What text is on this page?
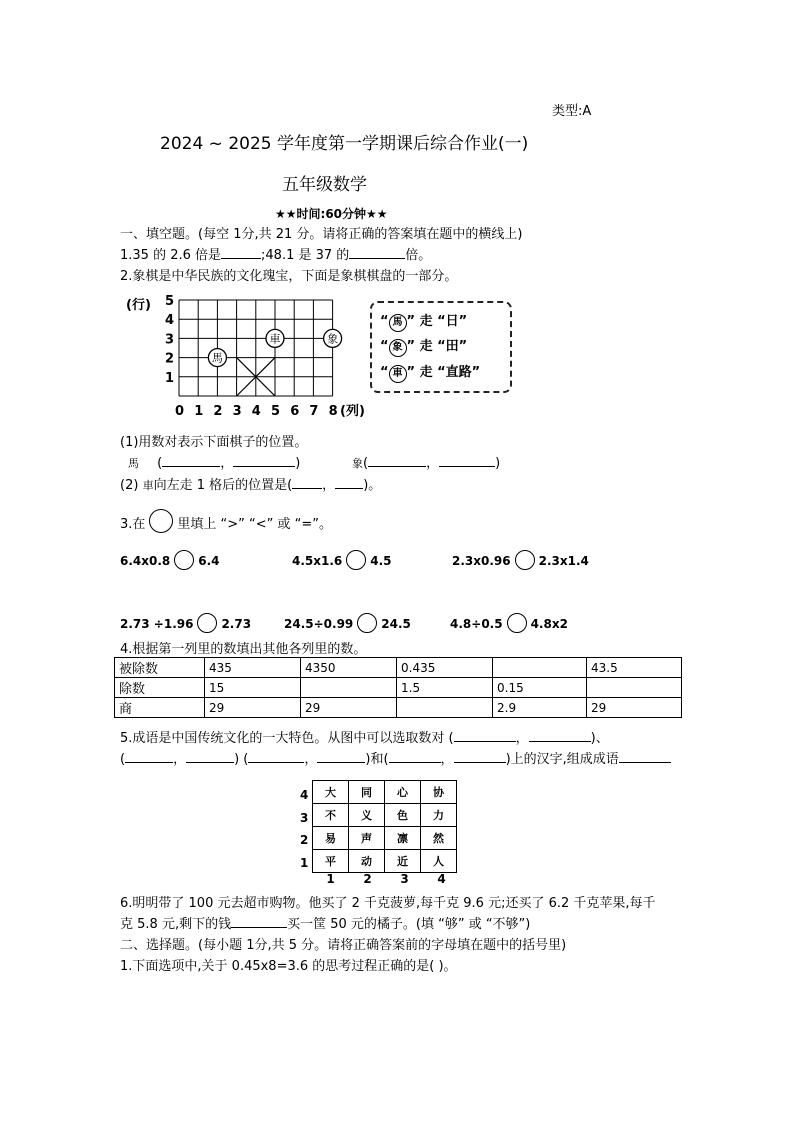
类型:A
2024 ~ 2025 学年度第一学期课后综合作业(一)
五年级数学
★★时间:60分钟★★
一、填空题。(每空 1分,共 21 分。请将正确的答案填在题中的横线上)
1.35 的 2.6 倍是	;48.1 是 37 的	倍。
2.象棋是中华民族的文化瑰宝，下面是象棋棋盘的一部分。
0 1 2 3 4 5 6 7 8
1
2
3
4
5
馬
車	象
(行)
(列)
“ 馬 ” 走 “日”
“ 象 ” 走 “田”
“ 車 ” 走 “直路”
(1)用数对表示下面棋子的位置。
馬 (	，	)	象(	，	)
(2) 車向左走 1 格后的位置是( ， )。
3.在 里填上 “>” “<” 或 “=”。
6.4x0.8 6.4	4.5x1.6 4.5	2.3x0.96 2.3x1.4
2.73 ÷1.96 2.73	24.5÷0.99 24.5	4.8÷0.5 4.8x2
4.根据第一列里的数填出其他各列里的数。
被除数	435	4350	0.435		43.5
除数	15		1.5	0.15	
商	29	29		2.9	29
5.成语是中国传统文化的一大特色。从图中可以选取数对 (	，	)、
(	，	) (	，	)和(	，	)上的汉字,组成成语
4
3
2
1
大	同	心	协
不	义	色	力
易	声	凛	然
平	动	近	人
1	2	3	4
6.明明带了 100 元去超市购物。他买了 2 千克菠萝,每千克 9.6 元;还买了 6.2 千克苹果,每千
克 5.8 元,剩下的钱	买一筐 50 元的橘子。(填 “够” 或 “不够”)
二、选择题。(每小题 1分,共 5 分。请将正确答案前的字母填在题中的括号里)
1.下面选项中,关于 0.45x8=3.6 的思考过程正确的是( )。
